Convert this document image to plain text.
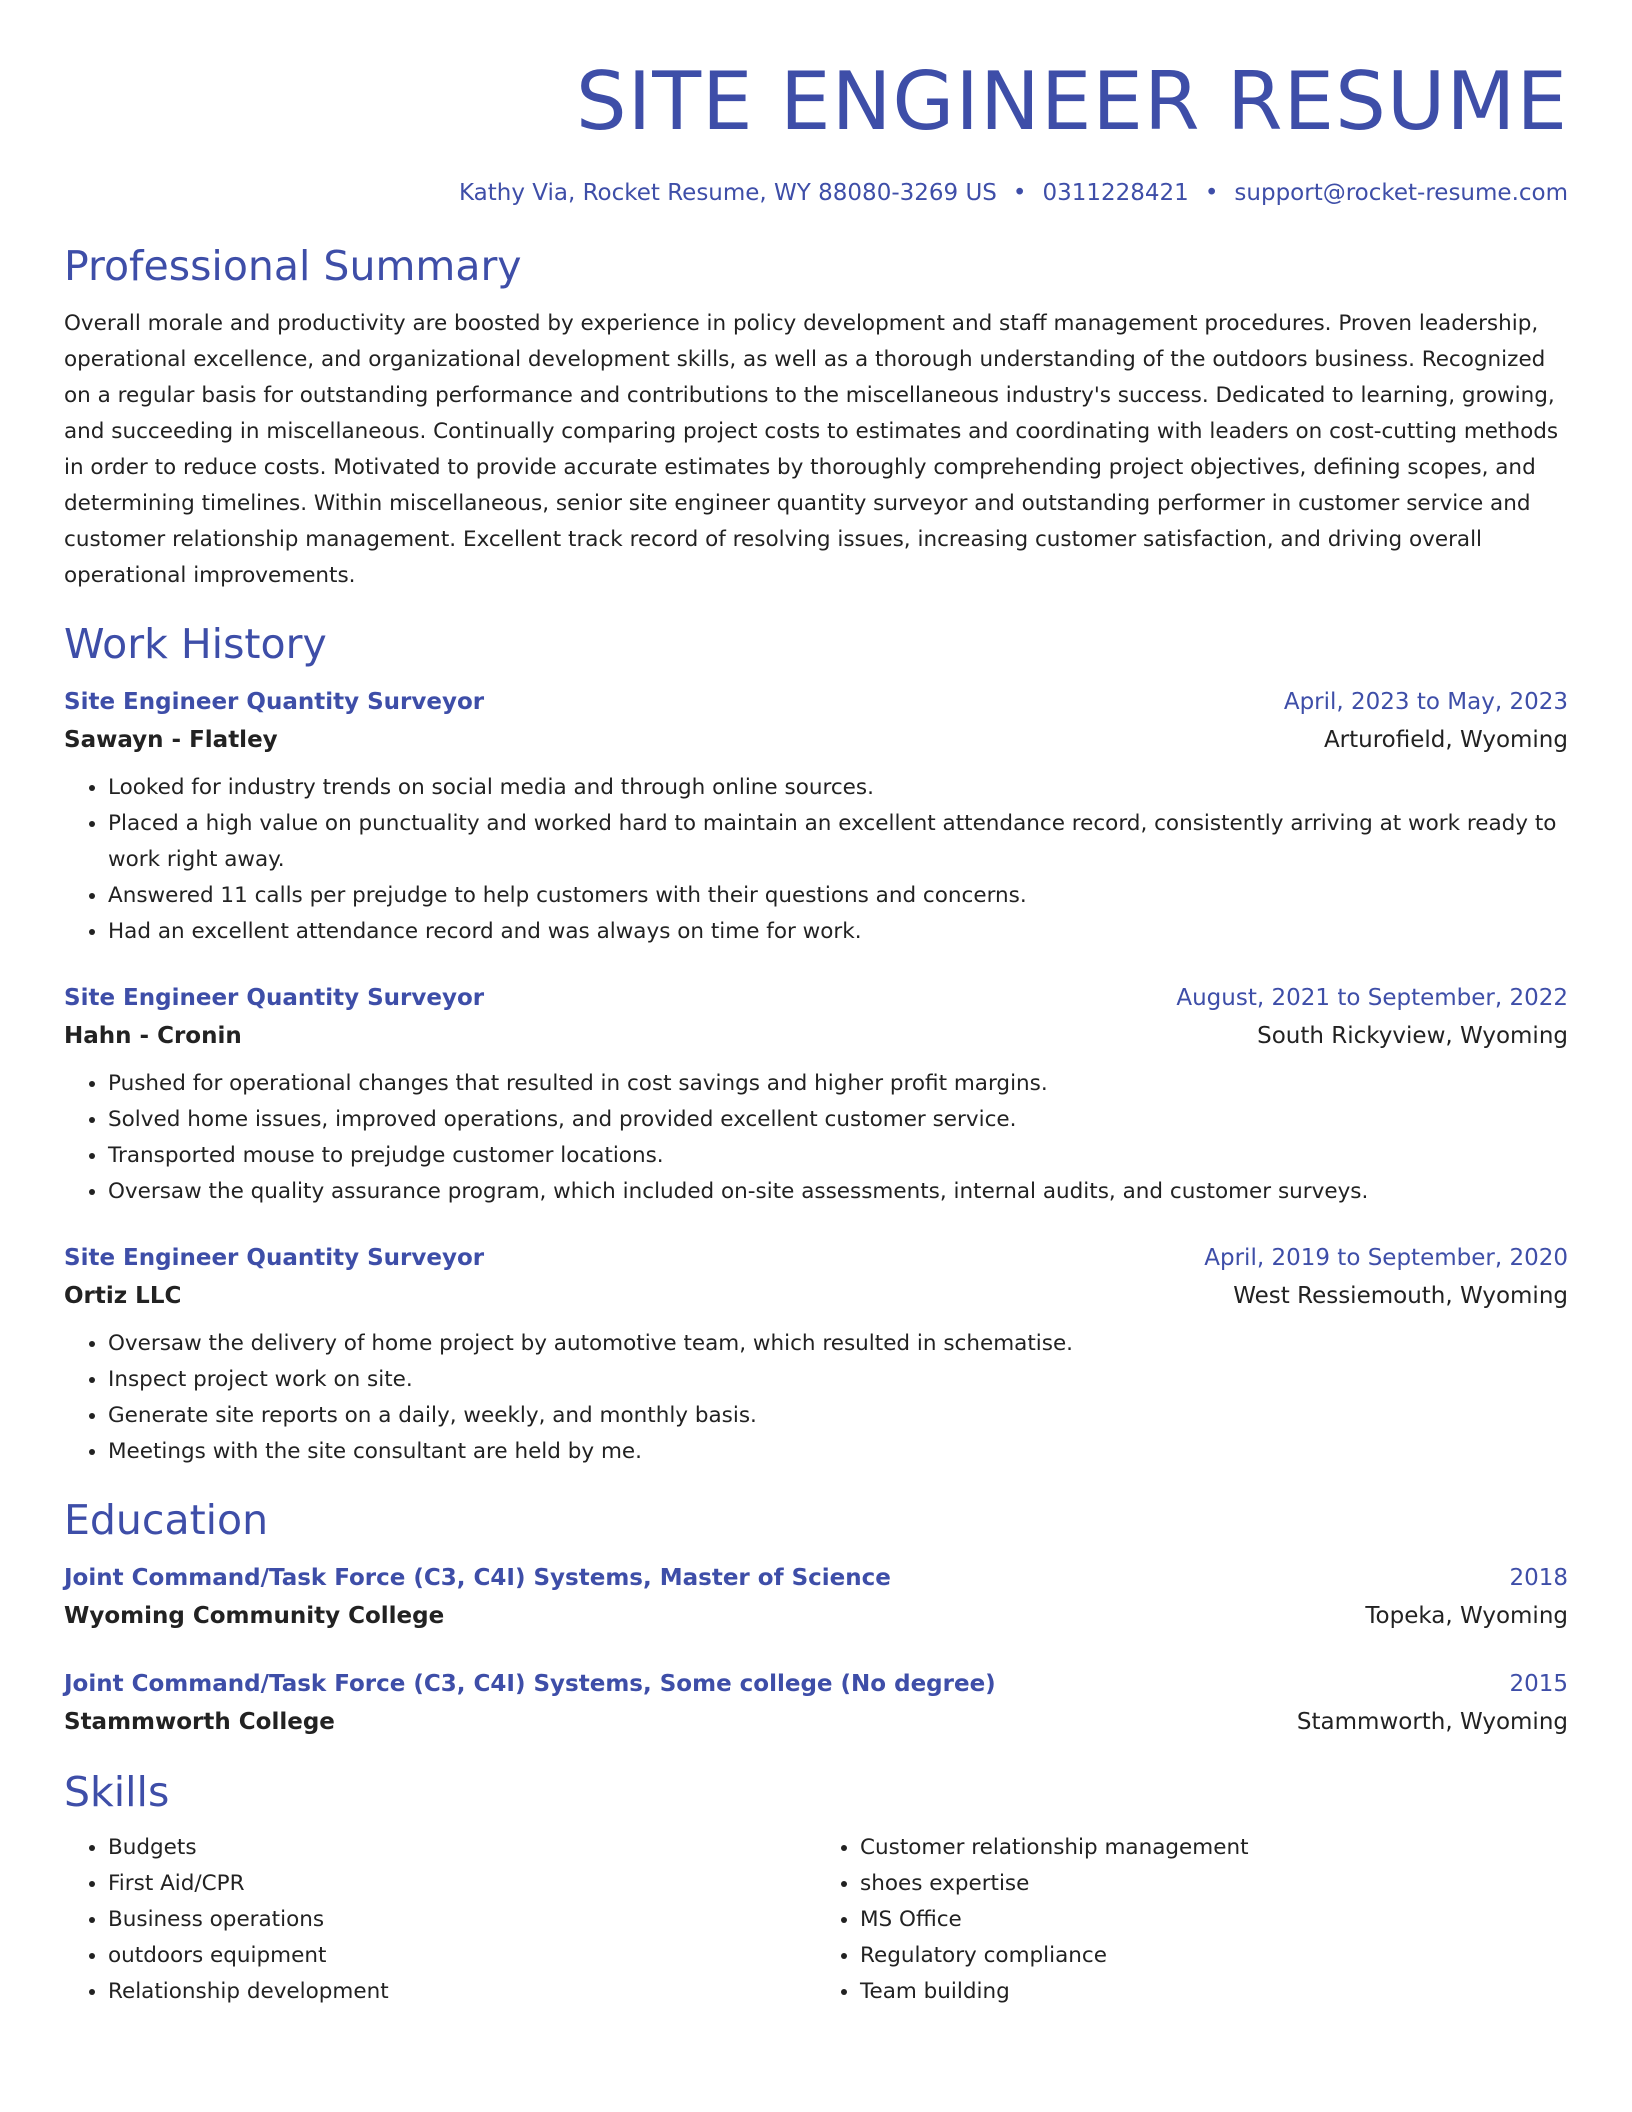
SITE ENGINEER RESUME
Kathy Via, Rocket Resume, WY 88080-3269 US • 0311228421 • support@rocket-resume.com
Professional Summary

Overall morale and productivity are boosted by experience in policy development and staff management procedures. Proven leadership, operational excellence, and organizational development skills, as well as a thorough understanding of the outdoors business. Recognized on a regular basis for outstanding performance and contributions to the miscellaneous industry's success. Dedicated to learning, growing, and succeeding in miscellaneous. Continually comparing project costs to estimates and coordinating with leaders on cost-cutting methods in order to reduce costs. Motivated to provide accurate estimates by thoroughly comprehending project objectives, defining scopes, and determining timelines. Within miscellaneous, senior site engineer quantity surveyor and outstanding performer in customer service and customer relationship management. Excellent track record of resolving issues, increasing customer satisfaction, and driving overall operational improvements.

Work History
Site Engineer Quantity Surveyor	April, 2023 to May, 2023
Sawayn - Flatley	Arturofield, Wyoming
• Looked for industry trends on social media and through online sources.
• Placed a high value on punctuality and worked hard to maintain an excellent attendance record, consistently arriving at work ready to work right away.
• Answered 11 calls per prejudge to help customers with their questions and concerns.
• Had an excellent attendance record and was always on time for work.
Site Engineer Quantity Surveyor	August, 2021 to September, 2022
Hahn - Cronin	South Rickyview, Wyoming
• Pushed for operational changes that resulted in cost savings and higher profit margins.
• Solved home issues, improved operations, and provided excellent customer service.
• Transported mouse to prejudge customer locations.
• Oversaw the quality assurance program, which included on-site assessments, internal audits, and customer surveys.
Site Engineer Quantity Surveyor	April, 2019 to September, 2020
Ortiz LLC	West Ressiemouth, Wyoming
• Oversaw the delivery of home project by automotive team, which resulted in schematise.
• Inspect project work on site.
• Generate site reports on a daily, weekly, and monthly basis.
• Meetings with the site consultant are held by me.
Education
Joint Command/Task Force (C3, C4I) Systems, Master of Science	2018
Wyoming Community College	Topeka, Wyoming
Joint Command/Task Force (C3, C4I) Systems, Some college (No degree)	2015
Stammworth College	Stammworth, Wyoming
Skills
• Budgets
• First Aid/CPR
• Business operations
• outdoors equipment
• Relationship development
• Customer relationship management
• shoes expertise
• MS Office
• Regulatory compliance
• Team building
